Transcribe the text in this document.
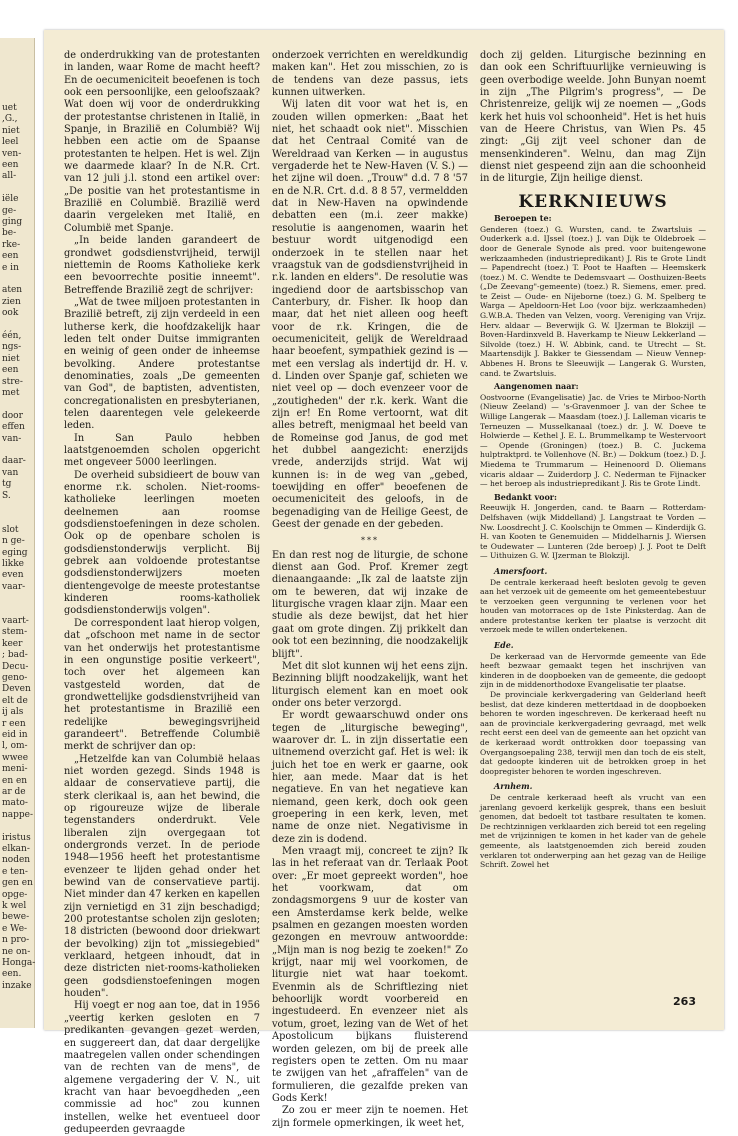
uet
,G.,
niet
leel
ven-
een
all-
iële
ge-
ging
be-
rke-
een
e in
aten
zien
ook
één,
ngs-
niet
een
stre-
met
door
effen
van-
daar-
van
tg
S.
slot
n ge-
eging
likke
even
vaar-
vaart-
stem-
keer
; bad-
Decu-
geno-
Deven
elt de
ij als
r een
eid in
l, om-
wwee
meni-
en en
ar de
mato-
nappe-
iristus
elkan-
noden
e ten-
gen en
opge-
k wel
bewe-
e We-
n pro-
ne on-
Honga-
een.
inzake

de onderdrukking van de protestanten in landen, waar Rome de macht heeft? En de oecumeniciteit beoefenen is toch ook een persoonlijke, een geloofszaak? Wat doen wij voor de onderdrukking der protestantse christenen in Italië, in Spanje, in Brazilië en Columbië? Wij hebben een actie om de Spaanse protestanten te helpen. Het is wel. Zijn we daarmede klaar? In de N.R. Crt. van 12 juli j.l. stond een artikel over: „De positie van het protestantisme in Brazilië en Columbië. Brazilië werd daarin vergeleken met Italië, en Columbië met Spanje.

„In beide landen garandeert de grondwet godsdienstvrijheid, terwijl niettemin de Rooms Katholieke kerk een bevoorrechte positie inneemt". Betreffende Brazilië zegt de schrijver:

„Wat de twee miljoen protestanten in Brazilië betreft, zij zijn verdeeld in een lutherse kerk, die hoofdzakelijk haar leden telt onder Duitse immigranten en weinig of geen onder de inheemse bevolking. Andere protestantse denominaties, zoals „De gemeenten van God", de baptisten, adventisten, concregationalisten en presbyterianen, telen daarentegen vele gelekeerde leden.

In San Paulo hebben laatstgenoemden scholen opgericht met ongeveer 5000 leerlingen.

De overheid subsidieert de bouw van enorme r.k. scholen. Niet-rooms-katholieke leerlingen moeten deelnemen aan roomse godsdienstoefeningen in deze scholen. Ook op de openbare scholen is godsdienstonderwijs verplicht. Bij gebrek aan voldoende protestantse godsdienstonderwijzers moeten dientengevolge de meeste protestantse kinderen rooms-katholiek godsdienstonderwijs volgen".

De correspondent laat hierop volgen, dat „ofschoon met name in de sector van het onderwijs het protestantisme in een ongunstige positie verkeert", toch over het algemeen kan vastgesteld worden, dat de grondwettelijke godsdienstvrijheid van het protestantisme in Brazilië een redelijke bewegingsvrijheid garandeert". Betreffende Columbië merkt de schrijver dan op:

„Hetzelfde kan van Columbië helaas niet worden gezegd. Sinds 1948 is aldaar de conservatieve partij, die sterk clerikaal is, aan het bewind, die op rigoureuze wijze de liberale tegenstanders onderdrukt. Vele liberalen zijn overgegaan tot ondergronds verzet. In de periode 1948—1956 heeft het protestantisme evenzeer te lijden gehad onder het bewind van de conservatieve partij. Niet minder dan 47 kerken en kapellen zijn vernietigd en 31 zijn beschadigd; 200 protestantse scholen zijn gesloten; 18 districten (bewoond door driekwart der bevolking) zijn tot „missiegebied" verklaard, hetgeen inhoudt, dat in deze districten niet-rooms-katholieken geen godsdienstoefeningen mogen houden".

Hij voegt er nog aan toe, dat in 1956 „veertig kerken gesloten en 7 predikanten gevangen gezet werden, en suggereert dan, dat daar dergelijke maatregelen vallen onder schendingen van de rechten van de mens", de algemene vergadering der V. N., uit kracht van haar bevoegdheden „een commissie ad hoc" zou kunnen instellen, welke het eventueel door gedupeerden gevraagde

onderzoek verrichten en wereldkundig maken kan". Het zou misschien, zo is de tendens van deze passus, iets kunnen uitwerken.

Wij laten dit voor wat het is, en zouden willen opmerken: „Baat het niet, het schaadt ook niet". Misschien dat het Centraal Comité van de Wereldraad van Kerken — in augustus vergaderde het te New-Haven (V. S.) — het zijne wil doen. „Trouw" d.d. 7 8 '57 en de N.R. Crt. d.d. 8 8 57, vermeldden dat in New-Haven na opwindende debatten een (m.i. zeer makke) resolutie is aangenomen, waarin het bestuur wordt uitgenodigd een onderzoek in te stellen naar het vraagstuk van de godsdienstvrijheid in r.k. landen en elders". De resolutie was ingediend door de aartsbisschop van Canterbury, dr. Fisher. Ik hoop dan maar, dat het niet alleen oog heeft voor de r.k. Kringen, die de oecumeniciteit, gelijk de Wereldraad haar beoefent, sympathiek gezind is — met een verslag als indertijd dr. H. v. d. Linden over Spanje gaf, schieten we niet veel op — doch evenzeer voor de „zoutigheden" der r.k. kerk. Want die zijn er! En Rome vertoornt, wat dit alles betreft, menigmaal het beeld van de Romeinse god Janus, de god met het dubbel aangezicht: enerzijds vrede, anderzijds strijd. Wat wij kunnen is: in de weg van „gebed, toewijding en offer" beoefenen de oecumeniciteit des geloofs, in de begenadiging van de Heilige Geest, de Geest der genade en der gebeden.

***

En dan rest nog de liturgie, de schone dienst aan God. Prof. Kremer zegt dienaangaande: „Ik zal de laatste zijn om te beweren, dat wij inzake de liturgische vragen klaar zijn. Maar een studie als deze bewijst, dat het hier gaat om grote dingen. Zij prikkelt dan ook tot een bezinning, die noodzakelijk blijft".

Met dit slot kunnen wij het eens zijn. Bezinning blijft noodzakelijk, want het liturgisch element kan en moet ook onder ons beter verzorgd.

Er wordt gewaarschuwd onder ons tegen de „liturgische beweging", waarover dr. L. in zijn dissertatie een uitnemend overzicht gaf. Het is wel: ik juich het toe en werk er gaarne, ook hier, aan mede. Maar dat is het negatieve. En van het negatieve kan niemand, geen kerk, doch ook geen groepering in een kerk, leven, met name de onze niet. Negativisme in deze zin is dodend.

Men vraagt mij, concreet te zijn? Ik las in het referaat van dr. Terlaak Poot over: „Er moet gepreekt worden", hoe het voorkwam, dat om zondagsmorgens 9 uur de koster van een Amsterdamse kerk belde, welke psalmen en gezangen moesten worden gezongen en mevrouw antwoordde: „Mijn man is nog bezig te zoeken!" Zo krijgt, naar mij wel voorkomen, de liturgie niet wat haar toekomt. Evenmin als de Schriftlezing niet behoorlijk wordt voorbereid en ingestudeerd. En evenzeer niet als votum, groet, lezing van de Wet of het Apostolicum bijkans fluisterend worden gelezen, om bij de preek alle registers open te zetten. Om nu maar te zwijgen van het „afraffelen" van de formulieren, die gezalfde preken van Gods Kerk!

Zo zou er meer zijn te noemen. Het zijn formele opmerkingen, ik weet het,

doch zij gelden. Liturgische bezinning en dan ook een Schriftuurlijke vernieuwing is geen overbodige weelde. John Bunyan noemt in zijn „The Pilgrim's progress", — De Christenreize, gelijk wij ze noemen — „Gods kerk het huis vol schoonheid". Het is het huis van de Heere Christus, van Wien Ps. 45 zingt: „Gij zijt veel schoner dan de mensenkinderen". Welnu, dan mag Zijn dienst niet gespeend zijn aan die schoonheid in de liturgie, Zijn heilige dienst.

KERKNIEUWS
Beroepen te:

Genderen (toez.) G. Wursten, cand. te Zwartsluis — Ouderkerk a.d. IJssel (toez.) J. van Dijk te Oldebroek — door de Generale Synode als pred. voor buitengewone werkzaamheden (industriepredikant) J. Ris te Grote Lindt — Papendrecht (toez.) T. Poot te Haaften — Heemskerk (toez.) M. C. Wendte te Dedemsvaart — Oosthuizen-Beets („De Zeevang"-gemeente) (toez.) R. Siemens, emer. pred. te Zeist — Oude- en Nijeborne (toez.) G. M. Spelberg te Warga — Apeldoorn-Het Loo (voor bijz. werkzaamheden) G.W.B.A. Theden van Velzen, voorg. Vereniging van Vrijz. Herv. aldaar — Beverwijk G. W. IJzerman te Blokzijl — Boven-Hardinxveld B. Haverkamp te Nieuw Lekkerland — Silvolde (toez.) H. W. Abbink, cand. te Utrecht — St. Maartensdijk J. Bakker te Giessendam — Nieuw Vennep-Abbenes H. Brons te Sleeuwijk — Langerak G. Wursten, cand. te Zwartsluis.

Aangenomen naar:

Oostvoorne (Evangelisatie) Jac. de Vries te Mirboo-North (Nieuw Zeeland) — 's-Gravenmoer J. van der Schee te Willige Langerak — Maasdam (toez.) J. Lalleman vicaris te Terneuzen — Musselkanaal (toez.) dr. J. W. Doeve te Holwierde — Kethel J. E. L. Brummelkamp te Westervoort — Opende (Groningen) (toez.) B. C. Juckema hulptraktprd. te Vollenhove (N. Br.) — Dokkum (toez.) D. J. Miedema te Trummarum — Heinenoord D. Oliemans vicaris aldaar — Zuiderdorp J. C. Nederman te Fijnacker — het beroep als industriepredikant J. Ris te Grote Lindt.

Bedankt voor:

Reeuwijk H. Jongerden, cand. te Baarn — Rotterdam-Delfshaven (wijk Middelland) J. Langstraat te Vorden — Nw. Loosdrecht J. C. Koolschijn te Ommen — Kinderdijk G. H. van Kooten te Genemuiden — Middelharnis J. Wiersen te Oudewater — Lunteren (2de beroep) J. J. Poot te Delft — Uithuizen G. W. IJzerman te Blokzijl.

Amersfoort.

De centrale kerkeraad heeft besloten gevolg te geven aan het verzoek uit de gemeente om het gemeentebestuur te verzoeken geen vergunning te verlenen voor het houden van motorraces op de 1ste Pinksterdag. Aan de andere protestantse kerken ter plaatse is verzocht dit verzoek mede te willen ondertekenen.

Ede.

De kerkeraad van de Hervormde gemeente van Ede heeft bezwaar gemaakt tegen het inschrijven van kinderen in de doopboeken van de gemeente, die gedoopt zijn in de middenorthodoxe Evangelisatie ter plaatse.

De provinciale kerkvergadering van Gelderland heeft beslist, dat deze kinderen mettertdaad in de doopboeken behoren te worden ingeschreven. De kerkeraad heeft nu aan de provinciale kerkvergadering gevraagd, met welk recht eerst een deel van de gemeente aan het opzicht van de kerkeraad wordt onttrokken door toepassing van Overgangsoepaling 238, terwijl men dan toch de eis stelt, dat gedoopte kinderen uit de betrokken groep in het doopregister behoren te worden ingeschreven.

Arnhem.

De centrale kerkeraad heeft als vrucht van een jarenlang gevoerd kerkelijk gesprek, thans een besluit genomen, dat bedoelt tot tastbare resultaten te komen. De rechtzinnigen verklaarden zich bereid tot een regeling met de vrijzinnigen te komen in het kader van de gehele gemeente, als laatstgenoemden zich bereid zouden verklaren tot onderwerping aan het gezag van de Heilige Schrift. Zowel het

263
